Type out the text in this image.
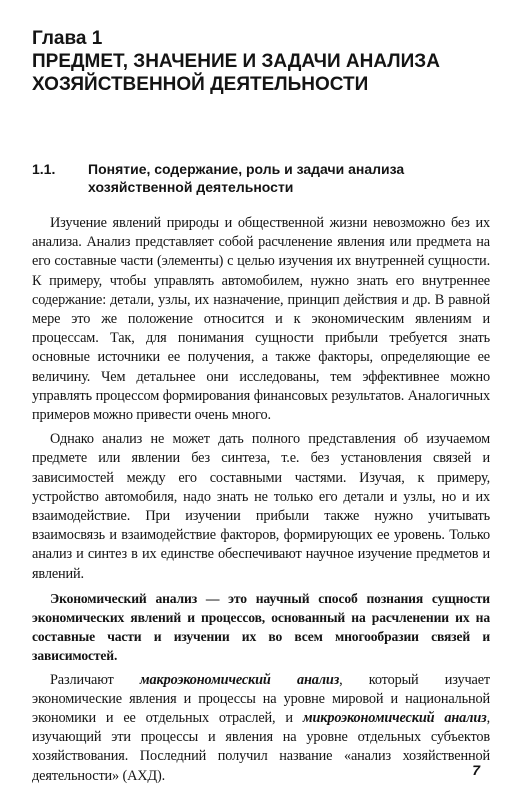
Глава 1
ПРЕДМЕТ, ЗНАЧЕНИЕ И ЗАДАЧИ АНАЛИЗА ХОЗЯЙСТВЕННОЙ ДЕЯТЕЛЬНОСТИ
1.1.	Понятие, содержание, роль и задачи анализа хозяйственной деятельности

Изучение явлений природы и общественной жизни невозможно без их анализа. Анализ представляет собой расчленение явления или предмета на его составные части (элементы) с целью изучения их внутренней сущности. К примеру, чтобы управлять автомобилем, нужно знать его внутреннее содержание: детали, узлы, их назначение, принцип действия и др. В равной мере это же положение относится и к экономическим явлениям и процессам. Так, для понимания сущности прибыли требуется знать основные источники ее получения, а также факторы, определяющие ее величину. Чем детальнее они исследованы, тем эффективнее можно управлять процессом формирования финансовых результатов. Аналогичных примеров можно привести очень много.

Однако анализ не может дать полного представления об изучаемом предмете или явлении без синтеза, т.е. без установления связей и зависимостей между его составными частями. Изучая, к примеру, устройство автомобиля, надо знать не только его детали и узлы, но и их взаимодействие. При изучении прибыли также нужно учитывать взаимосвязь и взаимодействие факторов, формирующих ее уровень. Только анализ и синтез в их единстве обеспечивают научное изучение предметов и явлений.

Экономический анализ — это научный способ познания сущности экономических явлений и процессов, основанный на расчленении их на составные части и изучении их во всем многообразии связей и зависимостей.

Различают макроэкономический анализ, который изучает экономические явления и процессы на уровне мировой и национальной экономики и ее отдельных отраслей, и микроэкономический анализ, изучающий эти процессы и явления на уровне отдельных субъектов хозяйствования. Последний получил название «анализ хозяйственной деятельности» (АХД).	7
